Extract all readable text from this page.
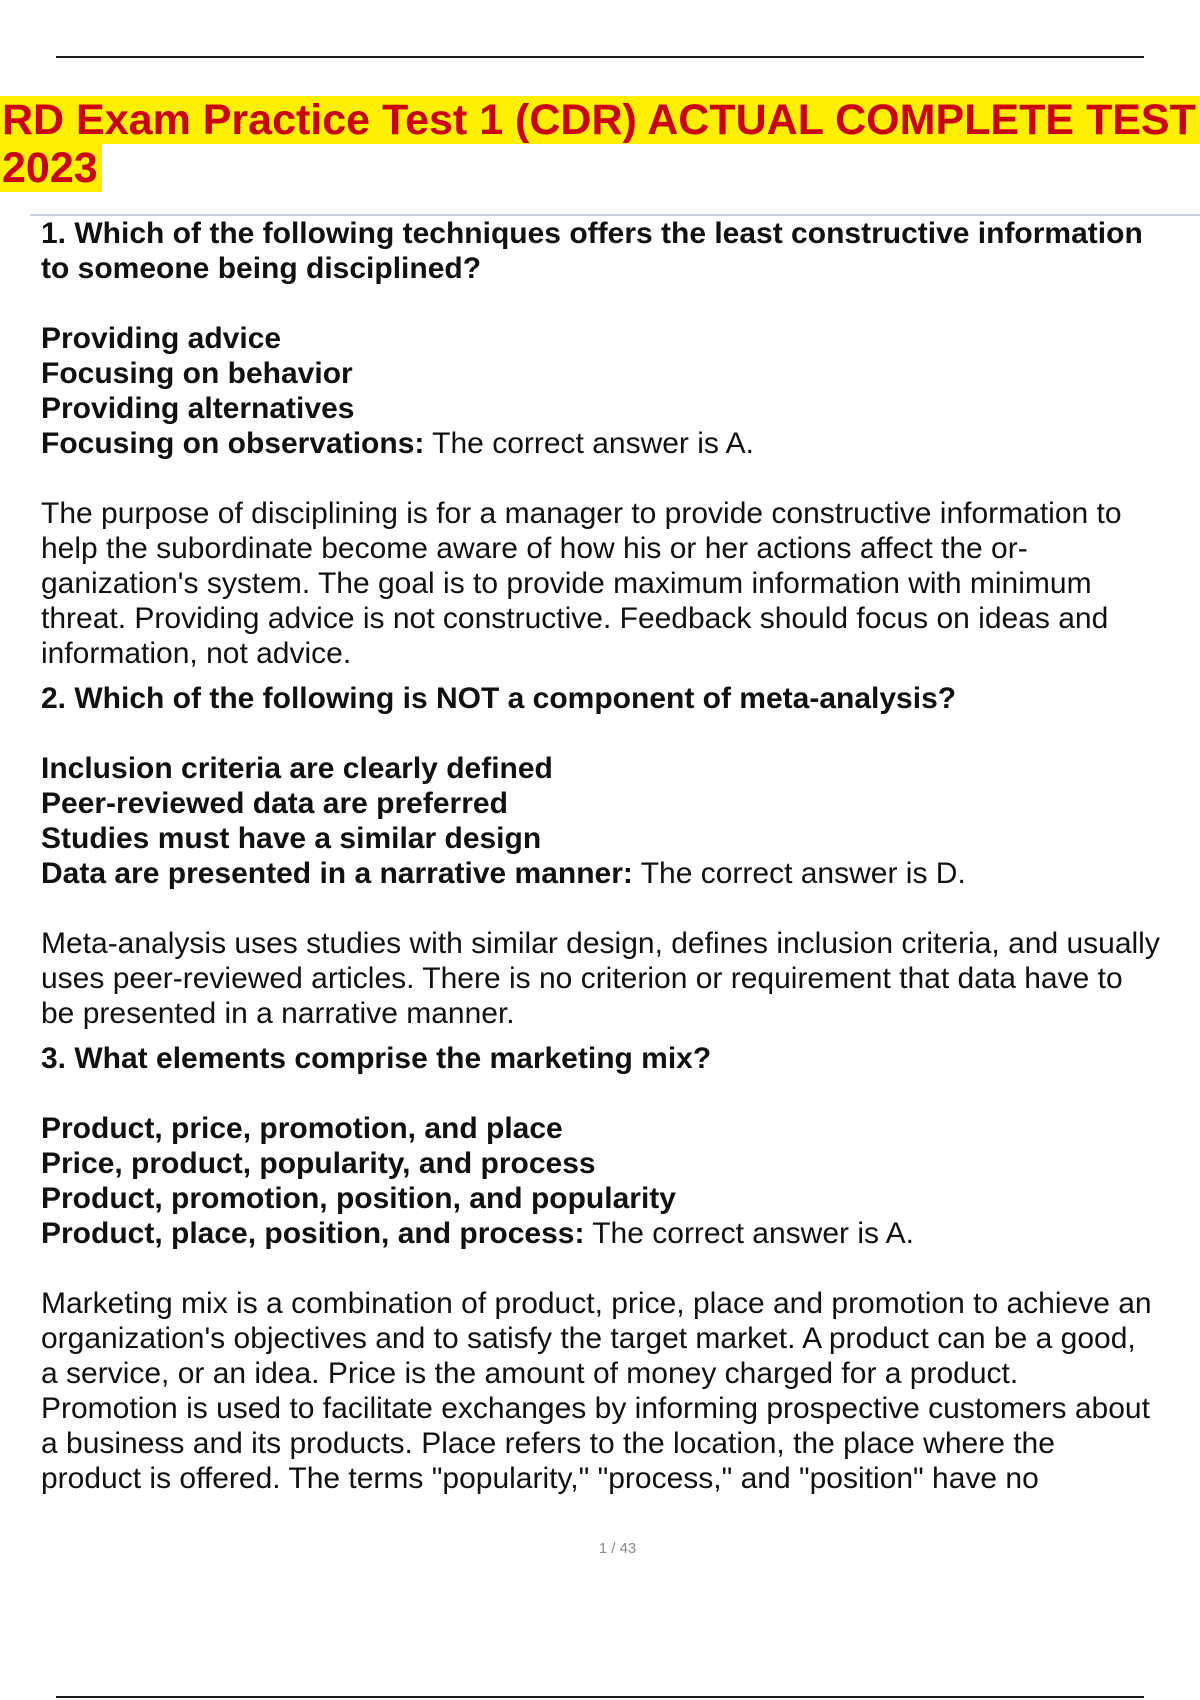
RD Exam Practice Test 1 (CDR) ACTUAL COMPLETE TEST
2023
1. Which of the following techniques offers the least constructive information
to someone being disciplined?
Providing advice
Focusing on behavior
Providing alternatives
Focusing on observations: The correct answer is A.
The purpose of disciplining is for a manager to provide constructive information to help the subordinate become aware of how his or her actions affect the or-ganization's system. The goal is to provide maximum information with minimum threat. Providing advice is not constructive. Feedback should focus on ideas and information, not advice.
2. Which of the following is NOT a component of meta-analysis?
Inclusion criteria are clearly defined
Peer-reviewed data are preferred
Studies must have a similar design
Data are presented in a narrative manner: The correct answer is D.
Meta-analysis uses studies with similar design, defines inclusion criteria, and usually uses peer-reviewed articles. There is no criterion or requirement that data have to be presented in a narrative manner.
3. What elements comprise the marketing mix?
Product, price, promotion, and place
Price, product, popularity, and process
Product, promotion, position, and popularity
Product, place, position, and process: The correct answer is A.
Marketing mix is a combination of product, price, place and promotion to achieve an organization's objectives and to satisfy the target market. A product can be a good, a service, or an idea. Price is the amount of money charged for a product. Promotion is used to facilitate exchanges by informing prospective customers about a business and its products. Place refers to the location, the place where the product is offered. The terms "popularity," "process," and "position" have no
1 / 43
